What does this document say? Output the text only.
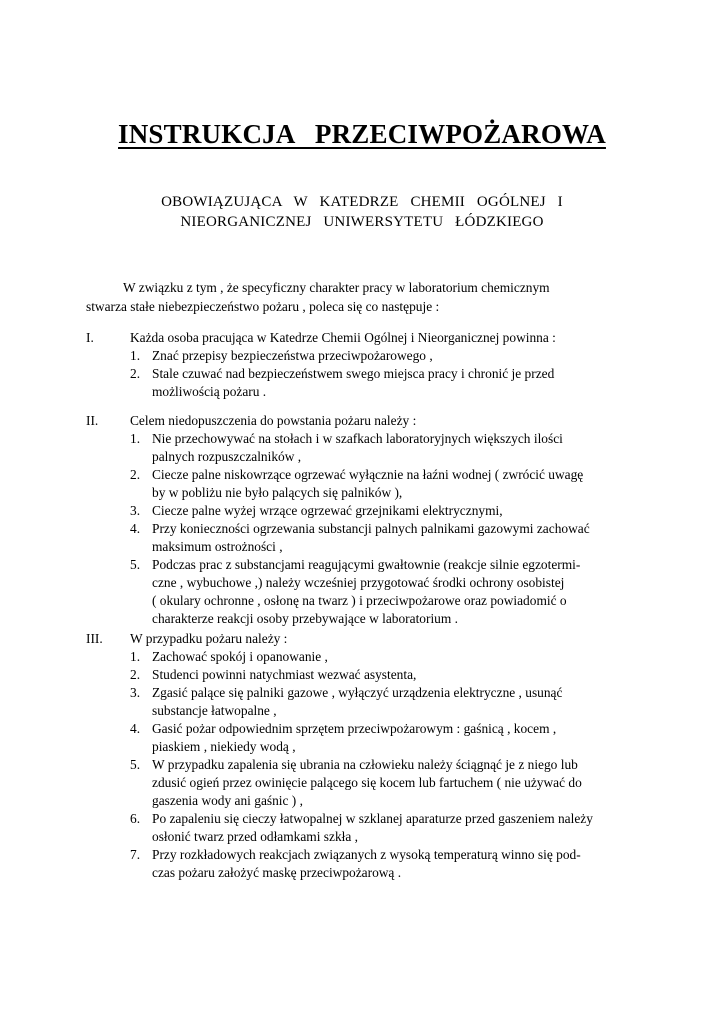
INSTRUKCJA   PRZECIWPOŻAROWA
OBOWIĄZUJĄCA  W  KATEDRZE  CHEMII  OGÓLNEJ  I
NIEORGANICZNEJ  UNIWERSYTETU  ŁÓDZKIEGO
W związku z tym , że specyficzny charakter pracy w laboratorium chemicznym
stwarza stałe niebezpieczeństwo pożaru , poleca się co następuje :
I.	Każda osoba pracująca w Katedrze Chemii Ogólnej i Nieorganicznej powinna :
1. Znać przepisy bezpieczeństwa przeciwpożarowego ,
2. Stale czuwać nad bezpieczeństwem swego miejsca pracy i chronić je przed
możliwością pożaru .
II. Celem niedopuszczenia do powstania pożaru należy :
1. Nie przechowywać na stołach i w szafkach laboratoryjnych większych ilości
palnych rozpuszczalników ,
2. Ciecze palne niskowrzące ogrzewać wyłącznie na łaźni wodnej ( zwrócić uwagę
by w pobliżu nie było palących się palników ),
3. Ciecze palne wyżej wrzące ogrzewać grzejnikami elektrycznymi,
4. Przy konieczności ogrzewania substancji palnych palnikami gazowymi zachować
maksimum ostrożności ,
5. Podczas prac z substancjami reagującymi gwałtownie (reakcje silnie egzotermi-
czne , wybuchowe ,) należy wcześniej przygotować środki ochrony osobistej
( okulary ochronne , osłonę na twarz ) i przeciwpożarowe oraz powiadomić o
charakterze reakcji osoby przebywające w laboratorium .
III. W przypadku pożaru należy :
1. Zachować spokój i opanowanie ,
2. Studenci powinni natychmiast wezwać asystenta,
3. Zgasić palące się palniki gazowe , wyłączyć urządzenia elektryczne , usunąć
substancje łatwopalne ,
4. Gasić pożar odpowiednim sprzętem przeciwpożarowym : gaśnicą , kocem ,
piaskiem , niekiedy wodą ,
5. W przypadku zapalenia się ubrania na człowieku należy ściągnąć je z niego lub
zdusić ogień przez owinięcie palącego się kocem lub fartuchem ( nie używać do
gaszenia wody ani gaśnic ) ,
6. Po zapaleniu się cieczy łatwopalnej w szklanej aparaturze przed gaszeniem należy
osłonić twarz przed odłamkami szkła ,
7. Przy rozkładowych reakcjach związanych z wysoką temperaturą winno się pod-
czas pożaru założyć maskę przeciwpożarową .
